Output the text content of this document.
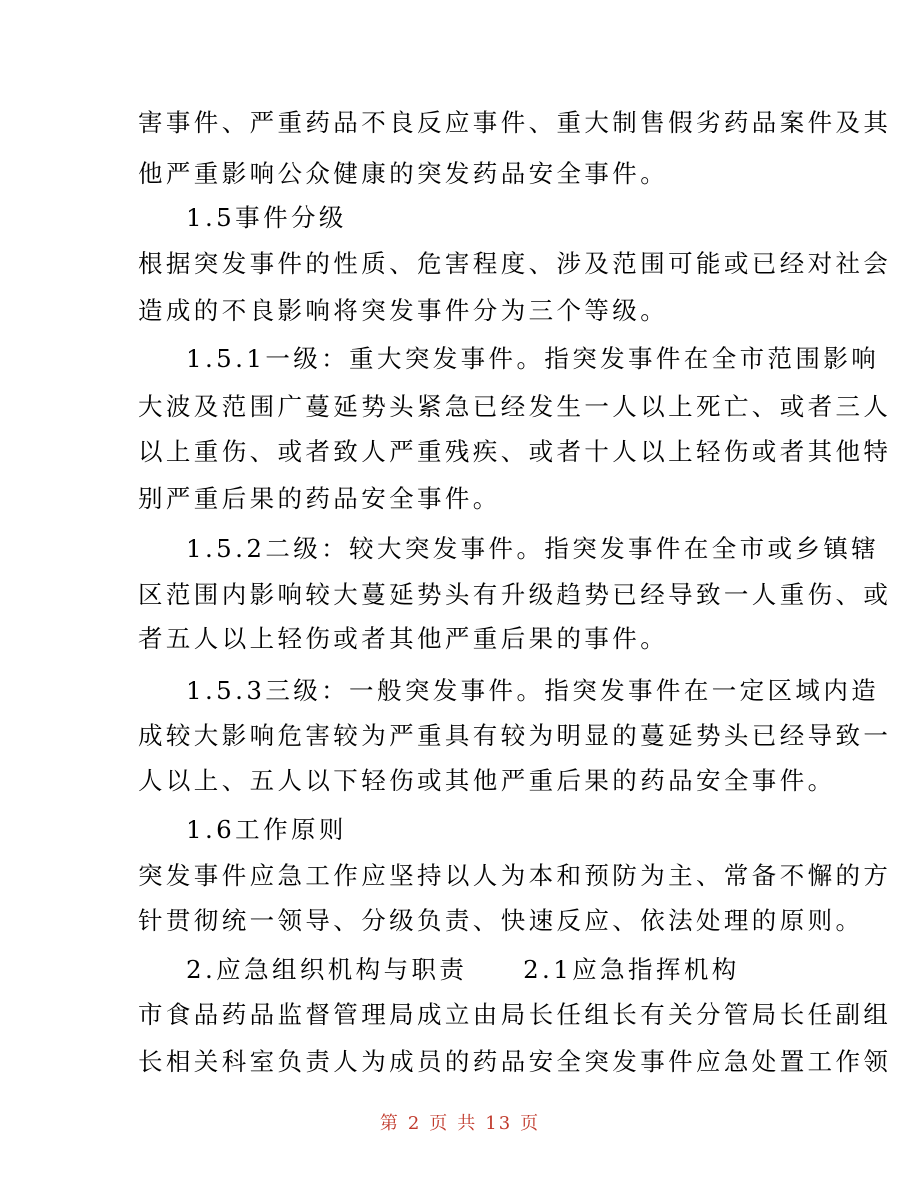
害事件、严重药品不良反应事件、重大制售假劣药品案件及其
他严重影响公众健康的突发药品安全事件。
1.5事件分级
根据突发事件的性质、危害程度、涉及范围可能或已经对社会
造成的不良影响将突发事件分为三个等级。
1.5.1一级：重大突发事件。指突发事件在全市范围影响
大波及范围广蔓延势头紧急已经发生一人以上死亡、或者三人
以上重伤、或者致人严重残疾、或者十人以上轻伤或者其他特
别严重后果的药品安全事件。
1.5.2二级：较大突发事件。指突发事件在全市或乡镇辖
区范围内影响较大蔓延势头有升级趋势已经导致一人重伤、或
者五人以上轻伤或者其他严重后果的事件。
1.5.3三级：一般突发事件。指突发事件在一定区域内造
成较大影响危害较为严重具有较为明显的蔓延势头已经导致一
人以上、五人以下轻伤或其他严重后果的药品安全事件。
1.6工作原则
突发事件应急工作应坚持以人为本和预防为主、常备不懈的方
针贯彻统一领导、分级负责、快速反应、依法处理的原则。
2.应急组织机构与职责　　2.1应急指挥机构
市食品药品监督管理局成立由局长任组长有关分管局长任副组
长相关科室负责人为成员的药品安全突发事件应急处置工作领
第 2 页 共 13 页
